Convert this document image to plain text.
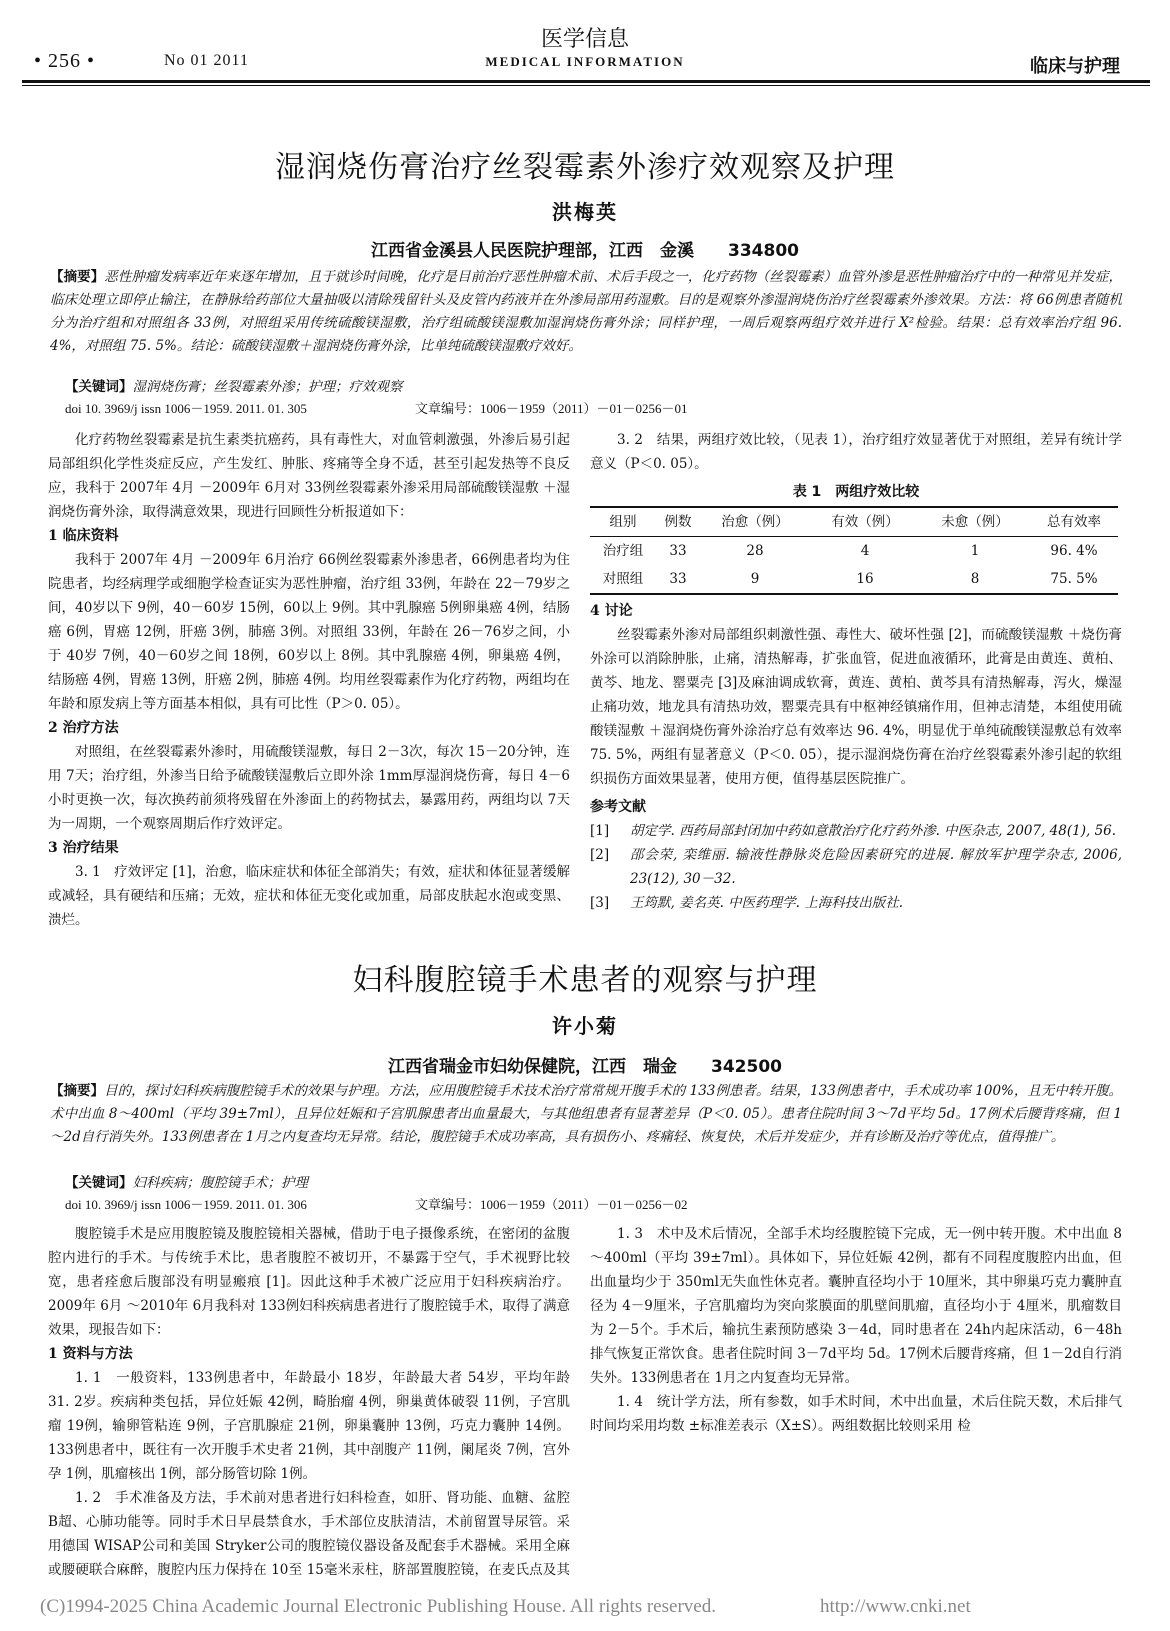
• 256 •	No 01 2011
医学信息
MEDICAL INFORMATION	临床与护理
湿润烧伤膏治疗丝裂霉素外渗疗效观察及护理
洪梅英
江西省金溪县人民医院护理部，江西　金溪　　334800
【摘要】恶性肿瘤发病率近年来逐年增加，且于就诊时间晚，化疗是目前治疗恶性肿瘤术前、术后手段之一，化疗药物（丝裂霉素）血管外渗是恶性肿瘤治疗中的一种常见并发症，临床处理立即停止输注，在静脉给药部位大量抽吸以清除残留针头及皮管内药液并在外渗局部用药湿敷。目的是观察外渗湿润烧伤治疗丝裂霉素外渗效果。方法：将 66例患者随机分为治疗组和对照组各 33例，对照组采用传统硫酸镁湿敷，治疗组硫酸镁湿敷加湿润烧伤膏外涂；同样护理，一周后观察两组疗效并进行 X²检验。结果：总有效率治疗组 96. 4%，对照组 75. 5%。结论：硫酸镁湿敷＋湿润烧伤膏外涂，比单纯硫酸镁湿敷疗效好。
【关键词】湿润烧伤膏；丝裂霉素外渗；护理；疗效观察
doi 10. 3969/j issn 1006－1959. 2011. 01. 305	文章编号：1006－1959（2011）－01－0256－01

化疗药物丝裂霉素是抗生素类抗癌药，具有毒性大，对血管刺激强，外渗后易引起局部组织化学性炎症反应，产生发红、肿胀、疼痛等全身不适，甚至引起发热等不良反应，我科于 2007年 4月 －2009年 6月对 33例丝裂霉素外渗采用局部硫酸镁湿敷 ＋湿润烧伤膏外涂，取得满意效果，现进行回顾性分析报道如下：

1 临床资料

我科于 2007年 4月 －2009年 6月治疗 66例丝裂霉素外渗患者，66例患者均为住院患者，均经病理学或细胞学检查证实为恶性肿瘤，治疗组 33例，年龄在 22－79岁之间，40岁以下 9例，40－60岁 15例，60以上 9例。其中乳腺癌 5例卵巢癌 4例，结肠癌 6例，胃癌 12例，肝癌 3例，肺癌 3例。对照组 33例，年龄在 26－76岁之间，小于 40岁 7例，40－60岁之间 18例，60岁以上 8例。其中乳腺癌 4例，卵巢癌 4例，结肠癌 4例，胃癌 13例，肝癌 2例，肺癌 4例。均用丝裂霉素作为化疗药物，两组均在年龄和原发病上等方面基本相似，具有可比性（P＞0. 05）。

2 治疗方法

对照组，在丝裂霉素外渗时，用硫酸镁湿敷，每日 2－3次，每次 15－20分钟，连用 7天；治疗组，外渗当日给予硫酸镁湿敷后立即外涂 1mm厚湿润烧伤膏，每日 4－6小时更换一次，每次换药前须将残留在外渗面上的药物拭去，暴露用药，两组均以 7天为一周期，一个观察周期后作疗效评定。

3 治疗结果

3. 1　疗效评定 [1]，治愈，临床症状和体征全部消失；有效，症状和体征显著缓解或减轻，具有硬结和压痛；无效，症状和体征无变化或加重，局部皮肤起水泡或变黑、溃烂。

3. 2　结果，两组疗效比较，（见表 1），治疗组疗效显著优于对照组，差异有统计学意义（P＜0. 05）。

表 1　两组疗效比较
组别	例数	治愈（例）	有效（例）	未愈（例）	总有效率
治疗组	33	28	4	1	96. 4%
对照组	33	9	16	8	75. 5%
4 讨论

丝裂霉素外渗对局部组织刺激性强、毒性大、破坏性强 [2]，而硫酸镁湿敷 ＋烧伤膏外涂可以消除肿胀，止痛，清热解毒，扩张血管，促进血液循环，此膏是由黄连、黄柏、黄芩、地龙、罂粟壳 [3]及麻油调成软膏，黄连、黄柏、黄芩具有清热解毒，泻火，燥湿止痛功效，地龙具有清热功效，罂粟壳具有中枢神经镇痛作用，但神志清楚，本组使用硫酸镁湿敷 ＋湿润烧伤膏外涂治疗总有效率达 96. 4%，明显优于单纯硫酸镁湿敷总有效率 75. 5%，两组有显著意义（P＜0. 05），提示湿润烧伤膏在治疗丝裂霉素外渗引起的软组织损伤方面效果显著，使用方便，值得基层医院推广。

参考文献
[1] 胡定学. 西药局部封闭加中药如意散治疗化疗药外渗. 中医杂志, 2007, 48(1), 56.
[2] 邵会荣, 栾维丽. 输液性静脉炎危险因素研究的进展. 解放军护理学杂志, 2006, 23(12), 30－32.
[3] 王筠默, 姜名英. 中医药理学. 上海科技出版社.
妇科腹腔镜手术患者的观察与护理
许小菊
江西省瑞金市妇幼保健院，江西　瑞金　　342500
【摘要】目的，探讨妇科疾病腹腔镜手术的效果与护理。方法，应用腹腔镜手术技术治疗常常规开腹手术的 133例患者。结果，133例患者中，手术成功率 100%，且无中转开腹。术中出血 8～400ml（平均 39±7ml），且异位妊娠和子宫肌腺患者出血量最大，与其他组患者有显著差异（P＜0. 05）。患者住院时间 3～7d平均 5d。17例术后腰背疼痛，但 1～2d自行消失外。133例患者在 1月之内复查均无异常。结论，腹腔镜手术成功率高，具有损伤小、疼痛轻、恢复快，术后并发症少，并有诊断及治疗等优点，值得推广。
【关键词】妇科疾病；腹腔镜手术；护理
doi 10. 3969/j issn 1006－1959. 2011. 01. 306	文章编号：1006－1959（2011）－01－0256－02

腹腔镜手术是应用腹腔镜及腹腔镜相关器械，借助于电子摄像系统，在密闭的盆腹腔内进行的手术。与传统手术比，患者腹腔不被切开，不暴露于空气，手术视野比较宽，患者痊愈后腹部没有明显瘢痕 [1]。因此这种手术被广泛应用于妇科疾病治疗。2009年 6月 ～2010年 6月我科对 133例妇科疾病患者进行了腹腔镜手术，取得了满意效果，现报告如下：

1 资料与方法

1. 1　一般资料，133例患者中，年龄最小 18岁，年龄最大者 54岁，平均年龄 31. 2岁。疾病种类包括，异位妊娠 42例，畸胎瘤 4例，卵巢黄体破裂 11例，子宫肌瘤 19例，输卵管粘连 9例，子宫肌腺症 21例，卵巢囊肿 13例，巧克力囊肿 14例。133例患者中，既往有一次开腹手术史者 21例，其中剖腹产 11例，阑尾炎 7例，宫外孕 1例，肌瘤核出 1例，部分肠管切除 1例。

1. 2　手术准备及方法，手术前对患者进行妇科检查，如肝、肾功能、血糖、盆腔 B超、心肺功能等。同时手术日早晨禁食水，手术部位皮肤清洁，术前留置导尿管。采用德国 WISAP公司和美国 Stryker公司的腹腔镜仪器设备及配套手术器械。采用全麻或腰硬联合麻醉，腹腔内压力保持在 10至 15毫米汞柱，脐部置腹腔镜，在麦氏点及其

1. 3　术中及术后情况，全部手术均经腹腔镜下完成，无一例中转开腹。术中出血 8～400ml（平均 39±7ml）。具体如下，异位妊娠 42例，都有不同程度腹腔内出血，但出血量均少于 350ml无失血性休克者。囊肿直径均小于 10厘米，其中卵巢巧克力囊肿直径为 4－9厘米，子宫肌瘤均为突向浆膜面的肌壁间肌瘤，直径均小于 4厘米，肌瘤数目为 2－5个。手术后，输抗生素预防感染 3－4d，同时患者在 24h内起床活动，6－48h排气恢复正常饮食。患者住院时间 3－7d平均 5d。17例术后腰背疼痛，但 1－2d自行消失外。133例患者在 1月之内复查均无异常。

1. 4　统计学方法，所有参数，如手术时间，术中出血量，术后住院天数，术后排气时间均采用均数 ±标准差表示（X±S）。两组数据比较则采用 检

(C)1994-2025 China Academic Journal Electronic Publishing House. All rights reserved.	http://www.cnki.net
